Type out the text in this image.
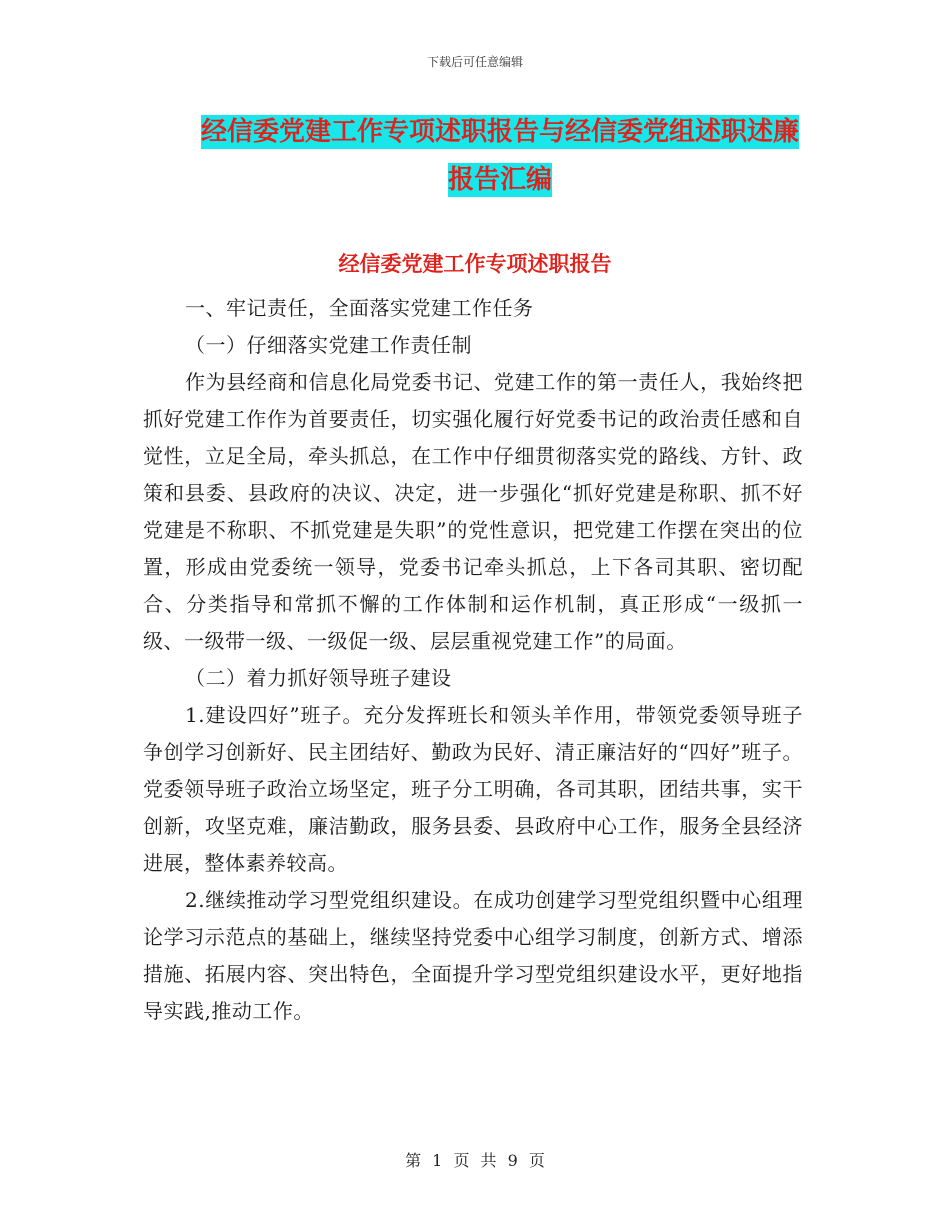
下载后可任意编辑
经信委党建工作专项述职报告与经信委党组述职述廉
报告汇编
经信委党建工作专项述职报告

一、牢记责任，全面落实党建工作任务

（一）仔细落实党建工作责任制

作为县经商和信息化局党委书记、党建工作的第一责任人，我始终把抓好党建工作作为首要责任，切实强化履行好党委书记的政治责任感和自觉性，立足全局，牵头抓总，在工作中仔细贯彻落实党的路线、方针、政策和县委、县政府的决议、决定，进一步强化“抓好党建是称职、抓不好党建是不称职、不抓党建是失职”的党性意识，把党建工作摆在突出的位置，形成由党委统一领导，党委书记牵头抓总，上下各司其职、密切配合、分类指导和常抓不懈的工作体制和运作机制，真正形成“一级抓一级、一级带一级、一级促一级、层层重视党建工作”的局面。

（二）着力抓好领导班子建设

1.建设四好”班子。充分发挥班长和领头羊作用，带领党委领导班子争创学习创新好、民主团结好、勤政为民好、清正廉洁好的“四好”班子。党委领导班子政治立场坚定，班子分工明确，各司其职，团结共事，实干创新，攻坚克难，廉洁勤政，服务县委、县政府中心工作，服务全县经济进展，整体素养较高。

2.继续推动学习型党组织建设。在成功创建学习型党组织暨中心组理论学习示范点的基础上，继续坚持党委中心组学习制度，创新方式、增添措施、拓展内容、突出特色，全面提升学习型党组织建设水平，更好地指导实践,推动工作。

第 1 页 共 9 页
